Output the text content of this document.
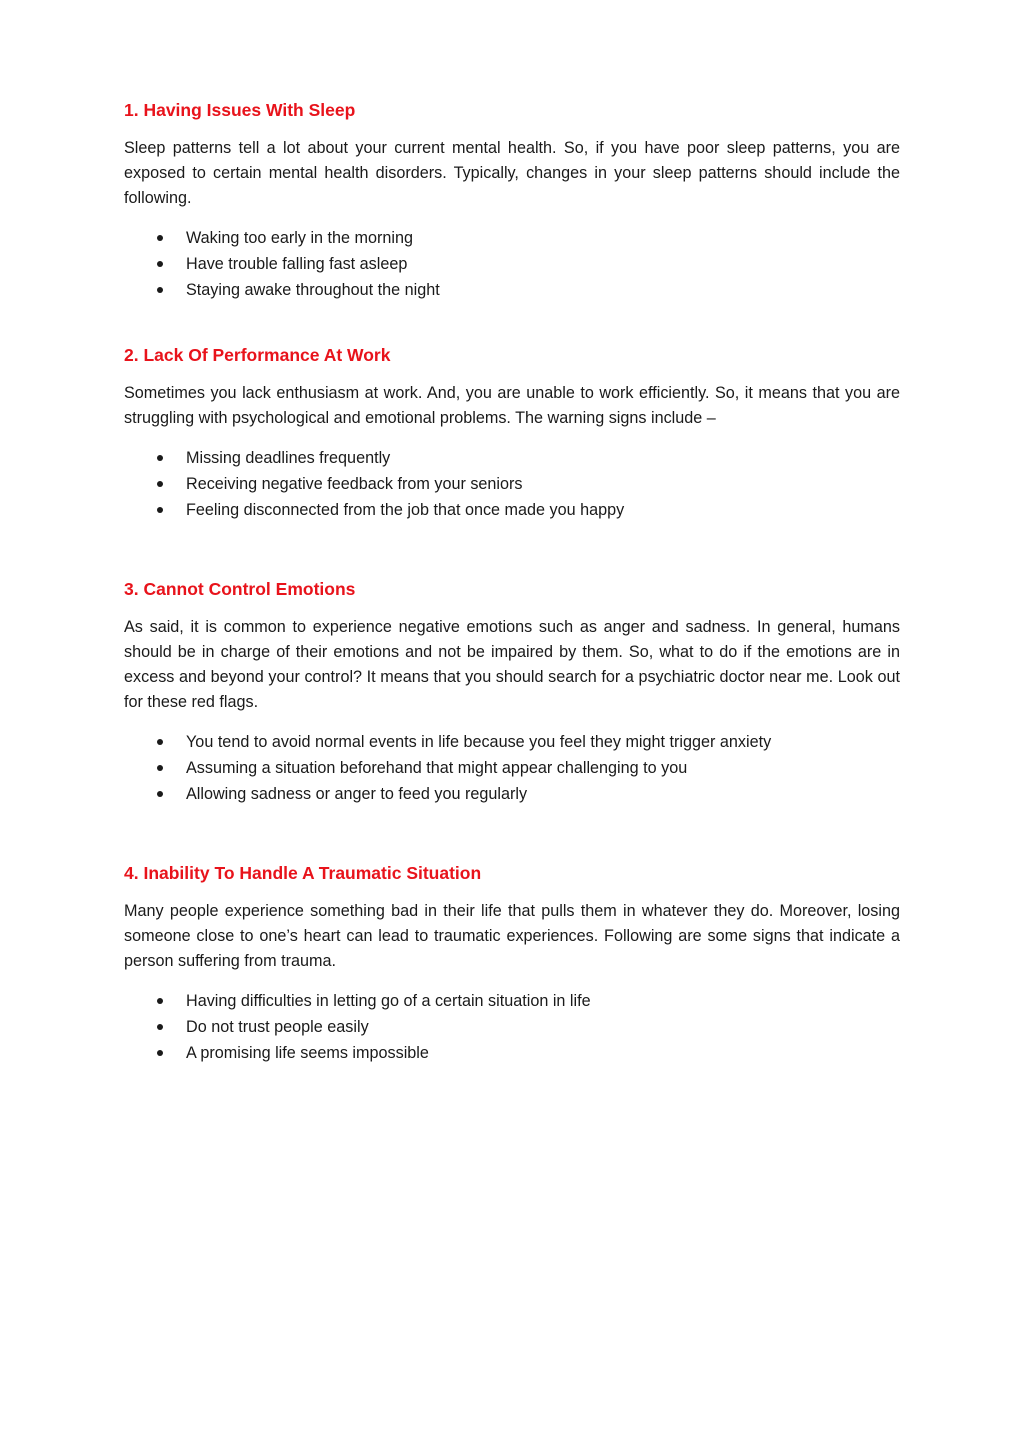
1. Having Issues With Sleep

Sleep patterns tell a lot about your current mental health. So, if you have poor sleep patterns, you are exposed to certain mental health disorders. Typically, changes in your sleep patterns should include the following.

Waking too early in the morning
Have trouble falling fast asleep
Staying awake throughout the night
2. Lack Of Performance At Work

Sometimes you lack enthusiasm at work. And, you are unable to work efficiently. So, it means that you are struggling with psychological and emotional problems. The warning signs include –

Missing deadlines frequently
Receiving negative feedback from your seniors
Feeling disconnected from the job that once made you happy
3. Cannot Control Emotions

As said, it is common to experience negative emotions such as anger and sadness. In general, humans should be in charge of their emotions and not be impaired by them. So, what to do if the emotions are in excess and beyond your control? It means that you should search for a psychiatric doctor near me. Look out for these red flags.

You tend to avoid normal events in life because you feel they might trigger anxiety
Assuming a situation beforehand that might appear challenging to you
Allowing sadness or anger to feed you regularly
4. Inability To Handle A Traumatic Situation

Many people experience something bad in their life that pulls them in whatever they do. Moreover, losing someone close to one’s heart can lead to traumatic experiences. Following are some signs that indicate a person suffering from trauma.

Having difficulties in letting go of a certain situation in life
Do not trust people easily
A promising life seems impossible
